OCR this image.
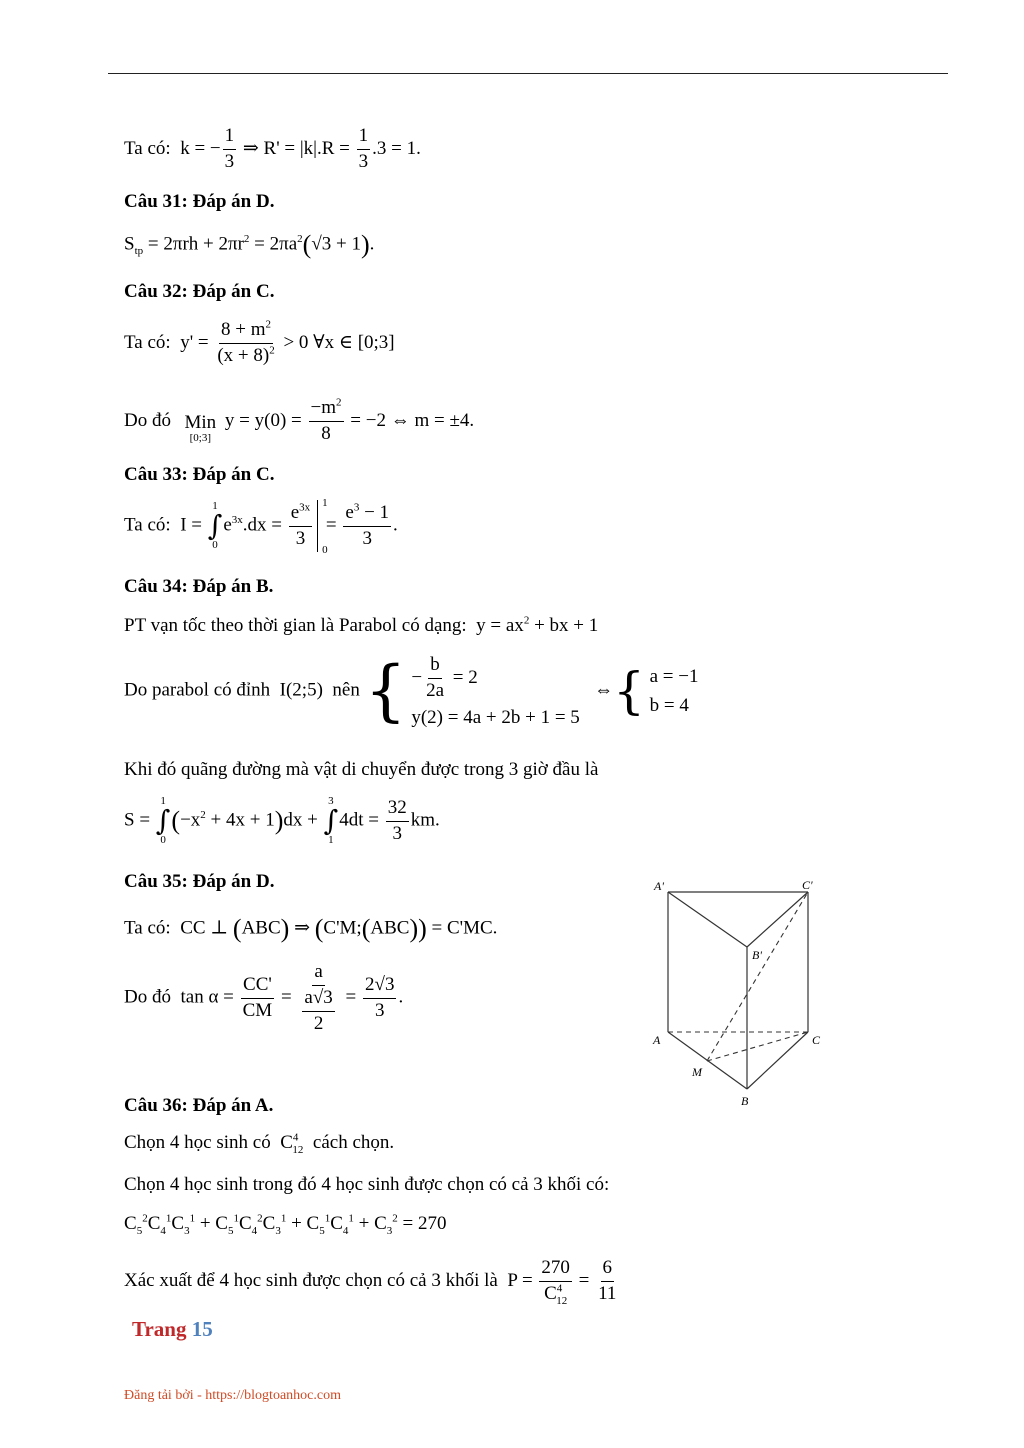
Ta có:  k = − $\frac{1}{3}$ ⇒ $R' = |k|.R = \frac{1}{3} .3 = 1$.
Câu 31: Đáp án D.
$S_{tp} = 2\pi rh + 2\pi r^2 = 2\pi a^2(√3 + 1)$.
Câu 32: Đáp án C.
Ta có:  $y' = \frac{8 + m^2}{(x + 8)^2} > 0$ ∀x ∈ [0;3]
Do đó Min
[0;3]
$y = y(0) = \frac{-m^2}{8} = -2$ ⇔ m = ±4.
Câu 33: Đáp án C.
Ta có:  I =
1
∫
0
$e^{3x}.dx = \frac{e^{3x}}{3} 1$
0
= $\frac{e^3 - 1}{3}$ .
Câu 34: Đáp án B.
PT vạn tốc theo thời gian là Parabol có dạng:  $y = ax^2$ + bx + 1
Do parabol có đỉnh  I(2;5)  nên { − $\frac{b}{2a} = 2$
y(2) = 4a + 2b + 1 = 5
⇔{ a = −1
b = 4
Khi đó quãng đường mà vật di chuyển được trong 3 giờ đầu là
S =
1
∫
0
$(-x^2 + 4x + 1)dx$ +
3
∫
1
$4dt = \frac{32}{3}$ km.
Câu 35: Đáp án D.
Ta có:  CC ⊥ (ABC) ⇒ (C'M;(ABC)) = C'MC.
Do đó  $\tan \alpha = \frac{CC'}{CM} = \frac{a}{\frac{a√3}{2}} = \frac{2√3}{3}$ .
A'	C'
B'
A	C
M
B
Câu 36: Đáp án A.
Chọn 4 học sinh có  $C^4_{12}$ cách chọn.
Chọn 4 học sinh trong đó 4 học sinh được chọn có cả 3 khối có:
$C_5^2C_4^1C_3^1 + C_5^1C_4^2C_3^1 + C_5^1C_4^1 + C_3^2 = 270$
Xác xuất để 4 học sinh được chọn có cả 3 khối là  $P = \frac{270}{C^4_{12}} = \frac{6}{11}$
Trang 15
Đăng tải bởi - https://blogtoanhoc.com
